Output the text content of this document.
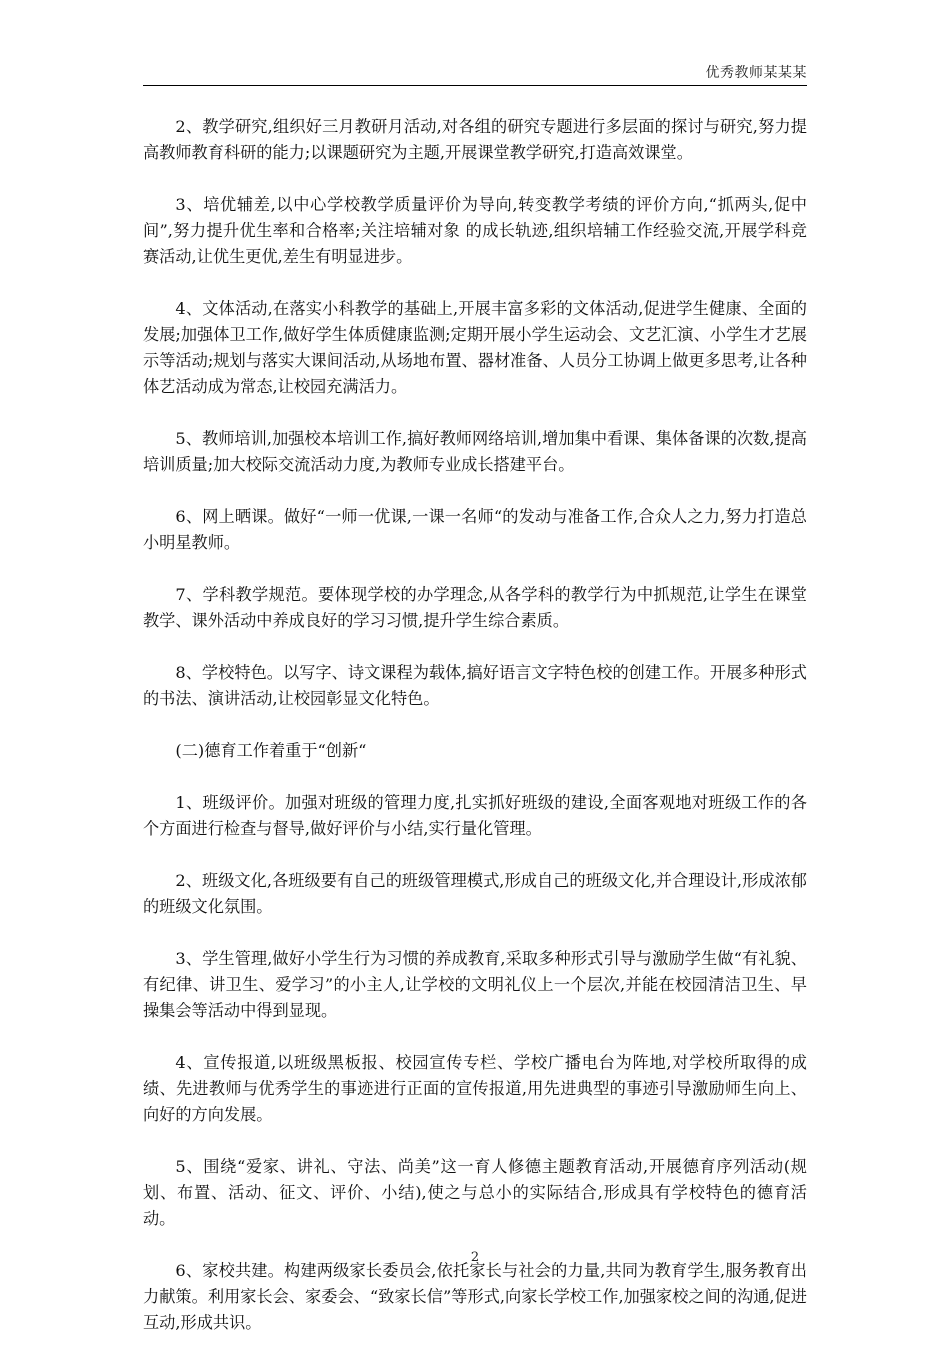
优秀教师某某某

2、教学研究,组织好三月教研月活动,对各组的研究专题进行多层面的探讨与研究,努力提高教师教育科研的能力;以课题研究为主题,开展课堂教学研究,打造高效课堂。

3、培优辅差,以中心学校教学质量评价为导向,转变教学考绩的评价方向,“抓两头,促中间”,努力提升优生率和合格率;关注培辅对象 的成长轨迹,组织培辅工作经验交流,开展学科竞赛活动,让优生更优,差生有明显进步。

4、文体活动,在落实小科教学的基础上,开展丰富多彩的文体活动,促进学生健康、全面的发展;加强体卫工作,做好学生体质健康监测;定期开展小学生运动会、文艺汇演、小学生才艺展示等活动;规划与落实大课间活动,从场地布置、器材准备、人员分工协调上做更多思考,让各种体艺活动成为常态,让校园充满活力。

5、教师培训,加强校本培训工作,搞好教师网络培训,增加集中看课、集体备课的次数,提高培训质量;加大校际交流活动力度,为教师专业成长搭建平台。

6、网上晒课。做好“一师一优课,一课一名师“的发动与准备工作,合众人之力,努力打造总小明星教师。

7、学科教学规范。要体现学校的办学理念,从各学科的教学行为中抓规范,让学生在课堂教学、课外活动中养成良好的学习习惯,提升学生综合素质。

8、学校特色。以写字、诗文课程为载体,搞好语言文字特色校的创建工作。开展多种形式的书法、演讲活动,让校园彰显文化特色。

(二)德育工作着重于“创新“

1、班级评价。加强对班级的管理力度,扎实抓好班级的建设,全面客观地对班级工作的各个方面进行检查与督导,做好评价与小结,实行量化管理。

2、班级文化,各班级要有自己的班级管理模式,形成自己的班级文化,并合理设计,形成浓郁的班级文化氛围。

3、学生管理,做好小学生行为习惯的养成教育,采取多种形式引导与激励学生做“有礼貌、有纪律、讲卫生、爱学习”的小主人,让学校的文明礼仪上一个层次,并能在校园清洁卫生、早操集会等活动中得到显现。

4、宣传报道,以班级黑板报、校园宣传专栏、学校广播电台为阵地,对学校所取得的成绩、先进教师与优秀学生的事迹进行正面的宣传报道,用先进典型的事迹引导激励师生向上、向好的方向发展。

5、围绕“爱家、讲礼、守法、尚美”这一育人修德主题教育活动,开展德育序列活动(规划、布置、活动、征文、评价、小结),使之与总小的实际结合,形成具有学校特色的德育活动。

6、家校共建。构建两级家长委员会,依托家长与社会的力量,共同为教育学生,服务教育出力献策。利用家长会、家委会、“致家长信”等形式,向家长学校工作,加强家校之间的沟通,促进互动,形成共识。

2
